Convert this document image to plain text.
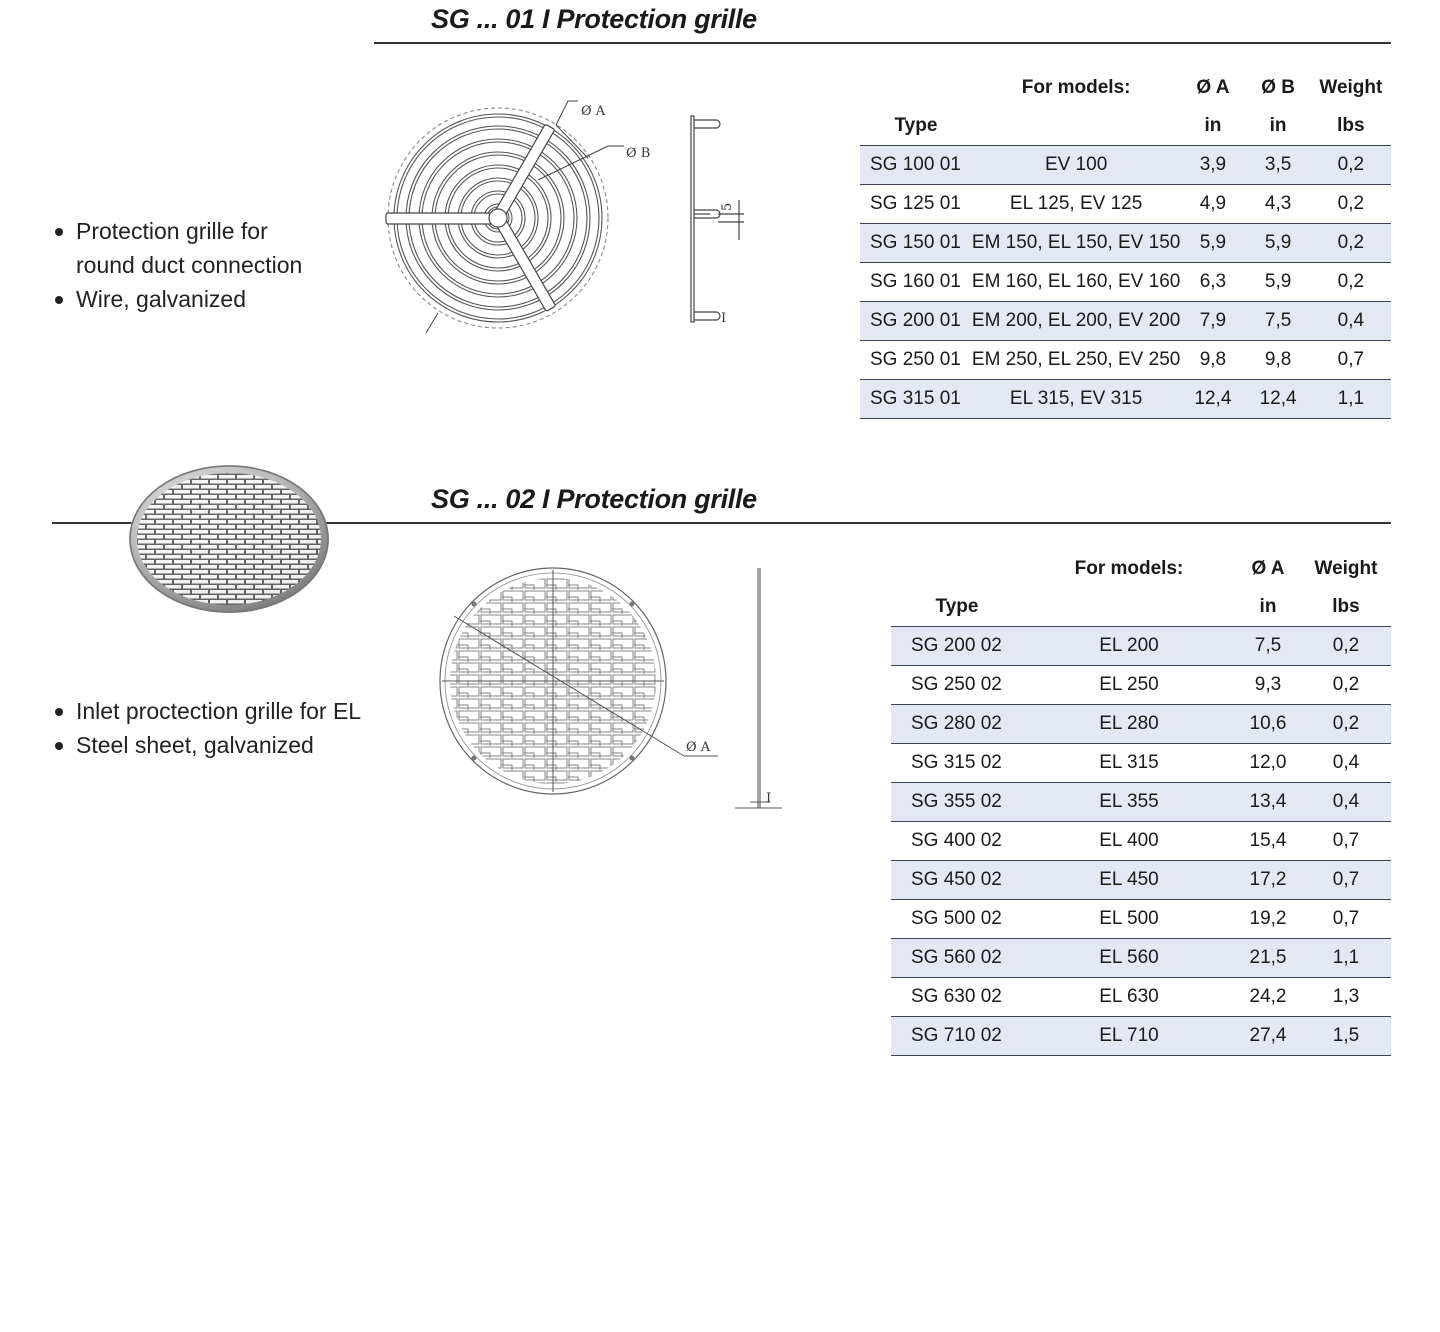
SG ... 01 I Protection grille
Protection grille for
round duct connection
Wire, galvanized
Ø A
Ø B
5
I
	For models:	Ø A	Ø B	Weight
Type		in	in	lbs
SG 100 01	EV 100	3,9	3,5	0,2
SG 125 01	EL 125, EV 125	4,9	4,3	0,2
SG 150 01	EM 150, EL 150, EV 150	5,9	5,9	0,2
SG 160 01	EM 160, EL 160, EV 160	6,3	5,9	0,2
SG 200 01	EM 200, EL 200, EV 200	7,9	7,5	0,4
SG 250 01	EM 250, EL 250, EV 250	9,8	9,8	0,7
SG 315 01	EL 315, EV 315	12,4	12,4	1,1
SG ... 02 I Protection grille
Inlet proctection grille for EL
Steel sheet, galvanized	Ø A
I
	For models:	Ø A	Weight
Type		in	lbs
SG 200 02	EL 200	7,5	0,2
SG 250 02	EL 250	9,3	0,2
SG 280 02	EL 280	10,6	0,2
SG 315 02	EL 315	12,0	0,4
SG 355 02	EL 355	13,4	0,4
SG 400 02	EL 400	15,4	0,7
SG 450 02	EL 450	17,2	0,7
SG 500 02	EL 500	19,2	0,7
SG 560 02	EL 560	21,5	1,1
SG 630 02	EL 630	24,2	1,3
SG 710 02	EL 710	27,4	1,5
